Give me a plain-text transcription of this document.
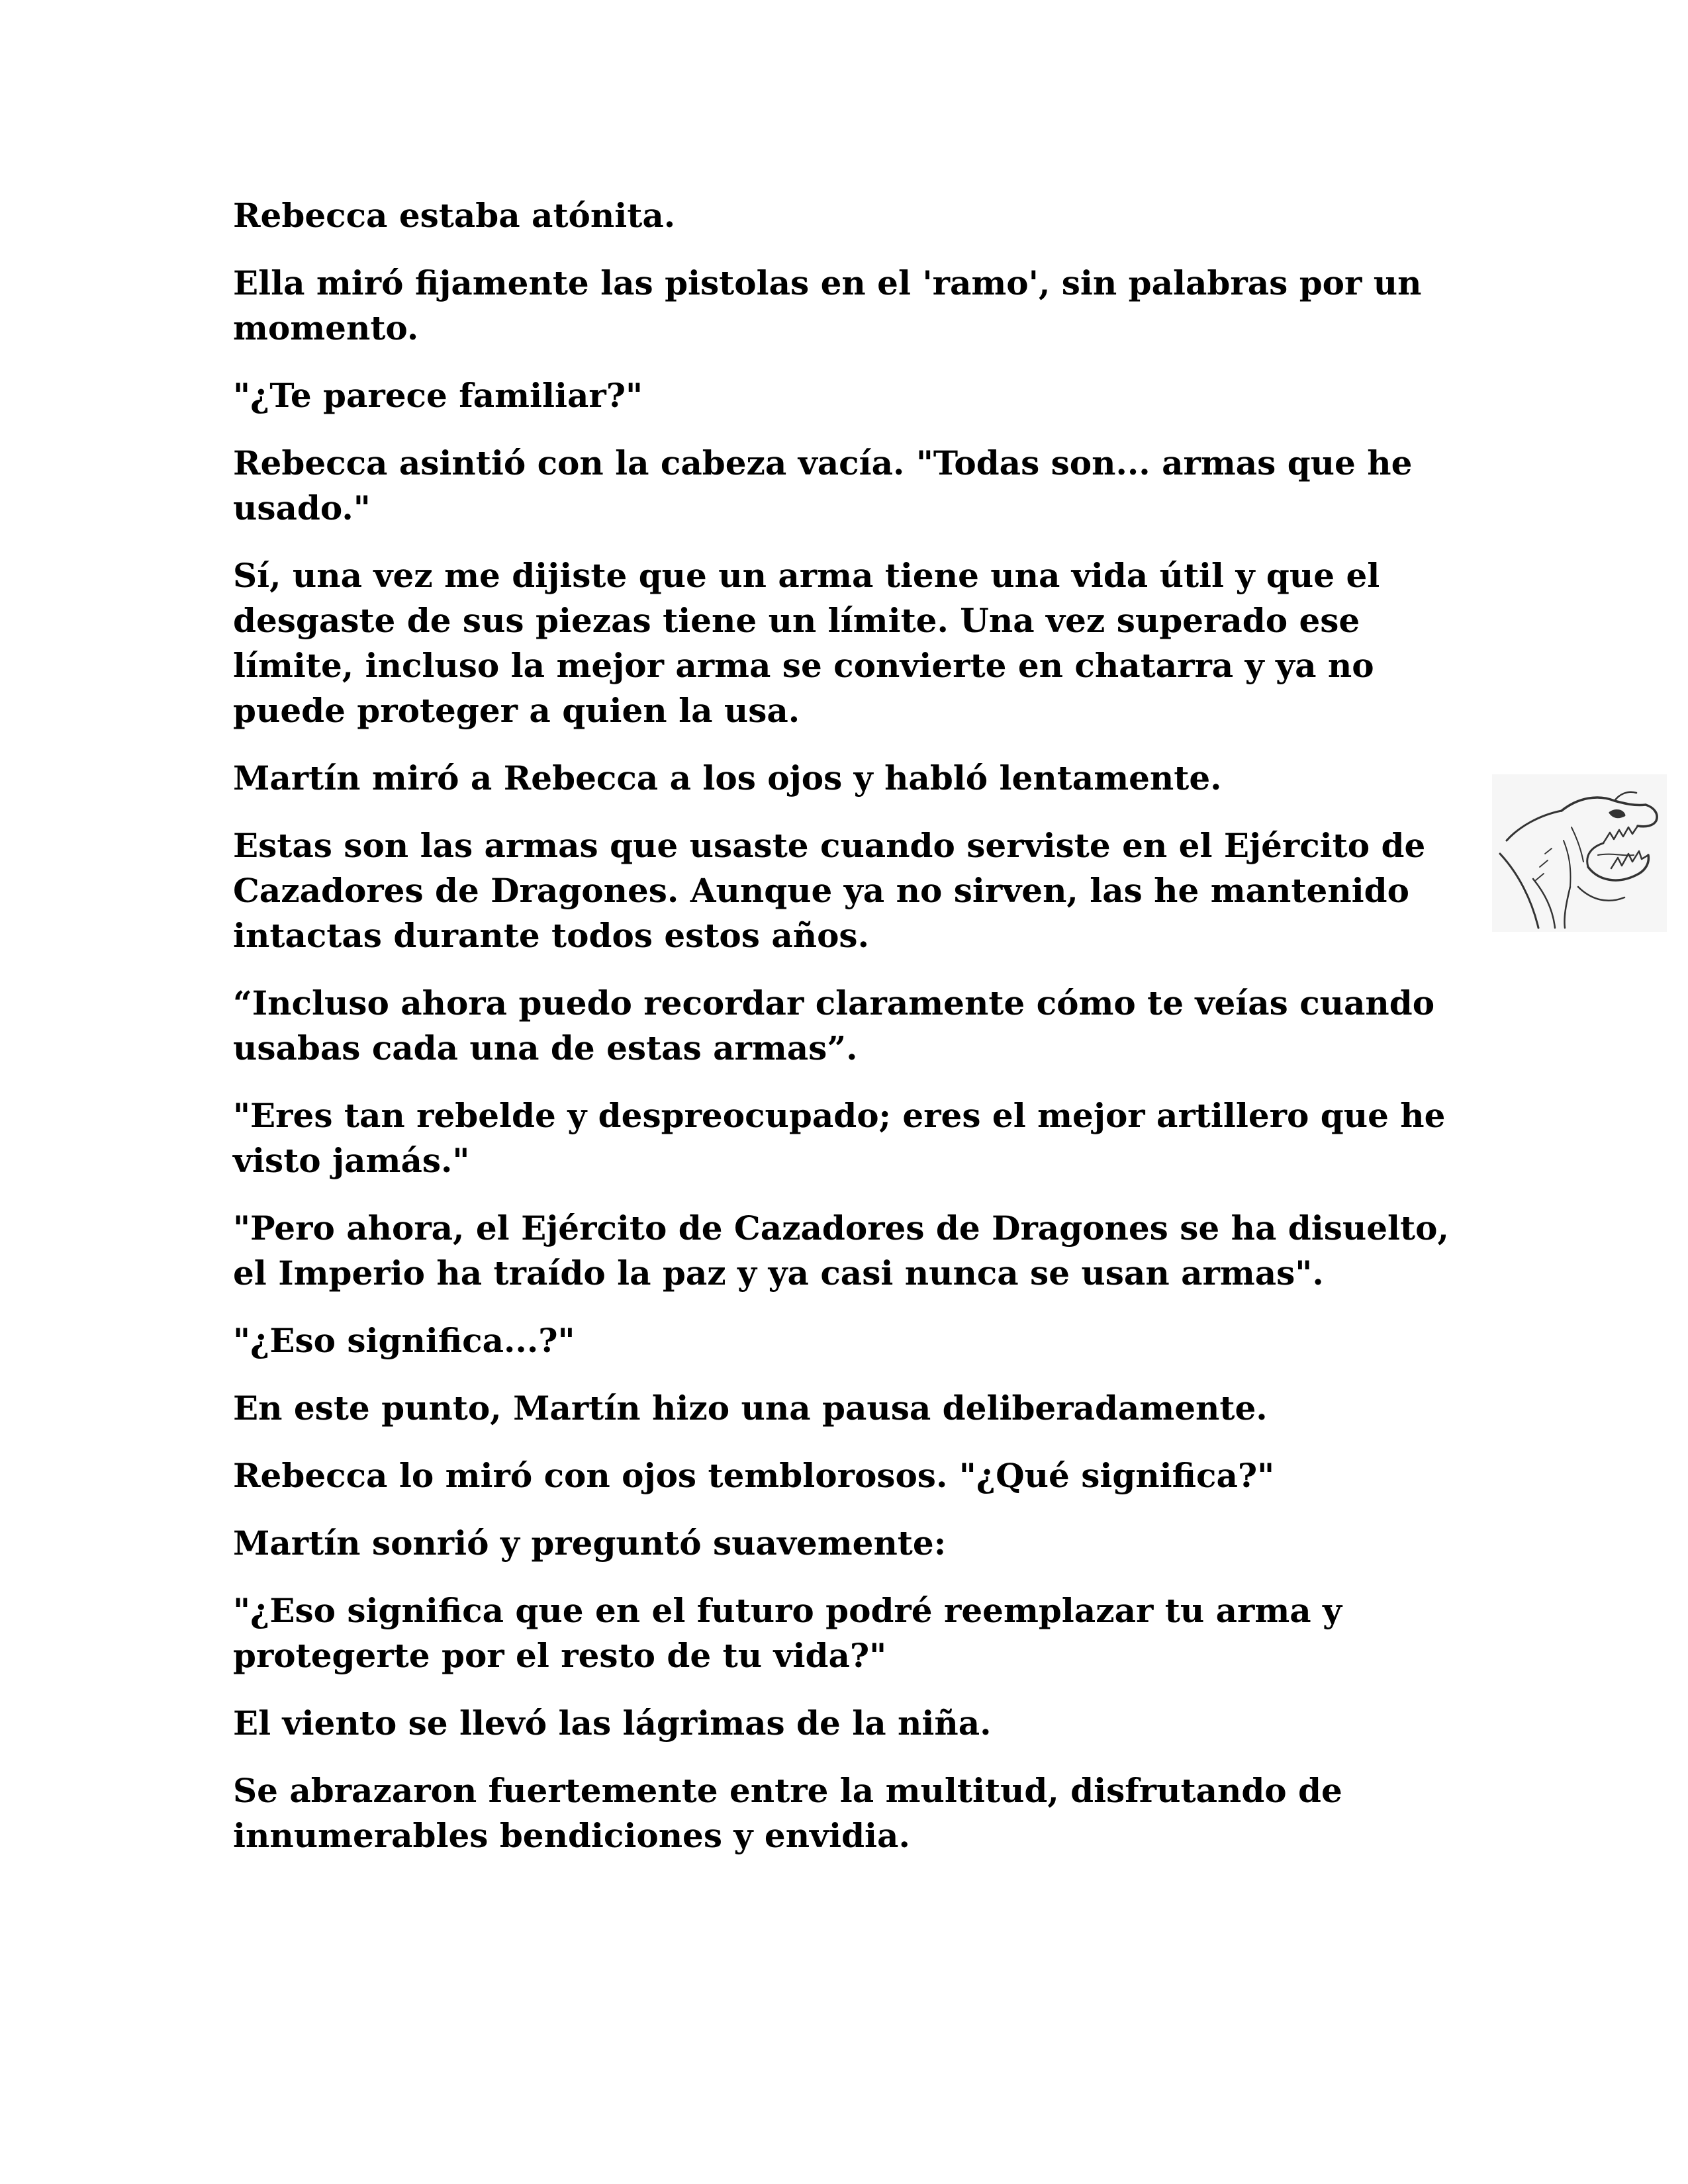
Rebecca estaba atónita.

Ella miró fijamente las pistolas en el 'ramo', sin palabras por un momento.

"¿Te parece familiar?"

Rebecca asintió con la cabeza vacía. "Todas son... armas que he usado."

Sí, una vez me dijiste que un arma tiene una vida útil y que el desgaste de sus piezas tiene un límite. Una vez superado ese límite, incluso la mejor arma se convierte en chatarra y ya no puede proteger a quien la usa.

Martín miró a Rebecca a los ojos y habló lentamente.

Estas son las armas que usaste cuando serviste en el Ejército de Cazadores de Dragones. Aunque ya no sirven, las he mantenido intactas durante todos estos años.

“Incluso ahora puedo recordar claramente cómo te veías cuando usabas cada una de estas armas”.

"Eres tan rebelde y despreocupado; eres el mejor artillero que he visto jamás."

"Pero ahora, el Ejército de Cazadores de Dragones se ha disuelto, el Imperio ha traído la paz y ya casi nunca se usan armas".

"¿Eso significa...?"

En este punto, Martín hizo una pausa deliberadamente.

Rebecca lo miró con ojos temblorosos. "¿Qué significa?"

Martín sonrió y preguntó suavemente:

"¿Eso significa que en el futuro podré reemplazar tu arma y protegerte por el resto de tu vida?"

El viento se llevó las lágrimas de la niña.

Se abrazaron fuertemente entre la multitud, disfrutando de innumerables bendiciones y envidia.
